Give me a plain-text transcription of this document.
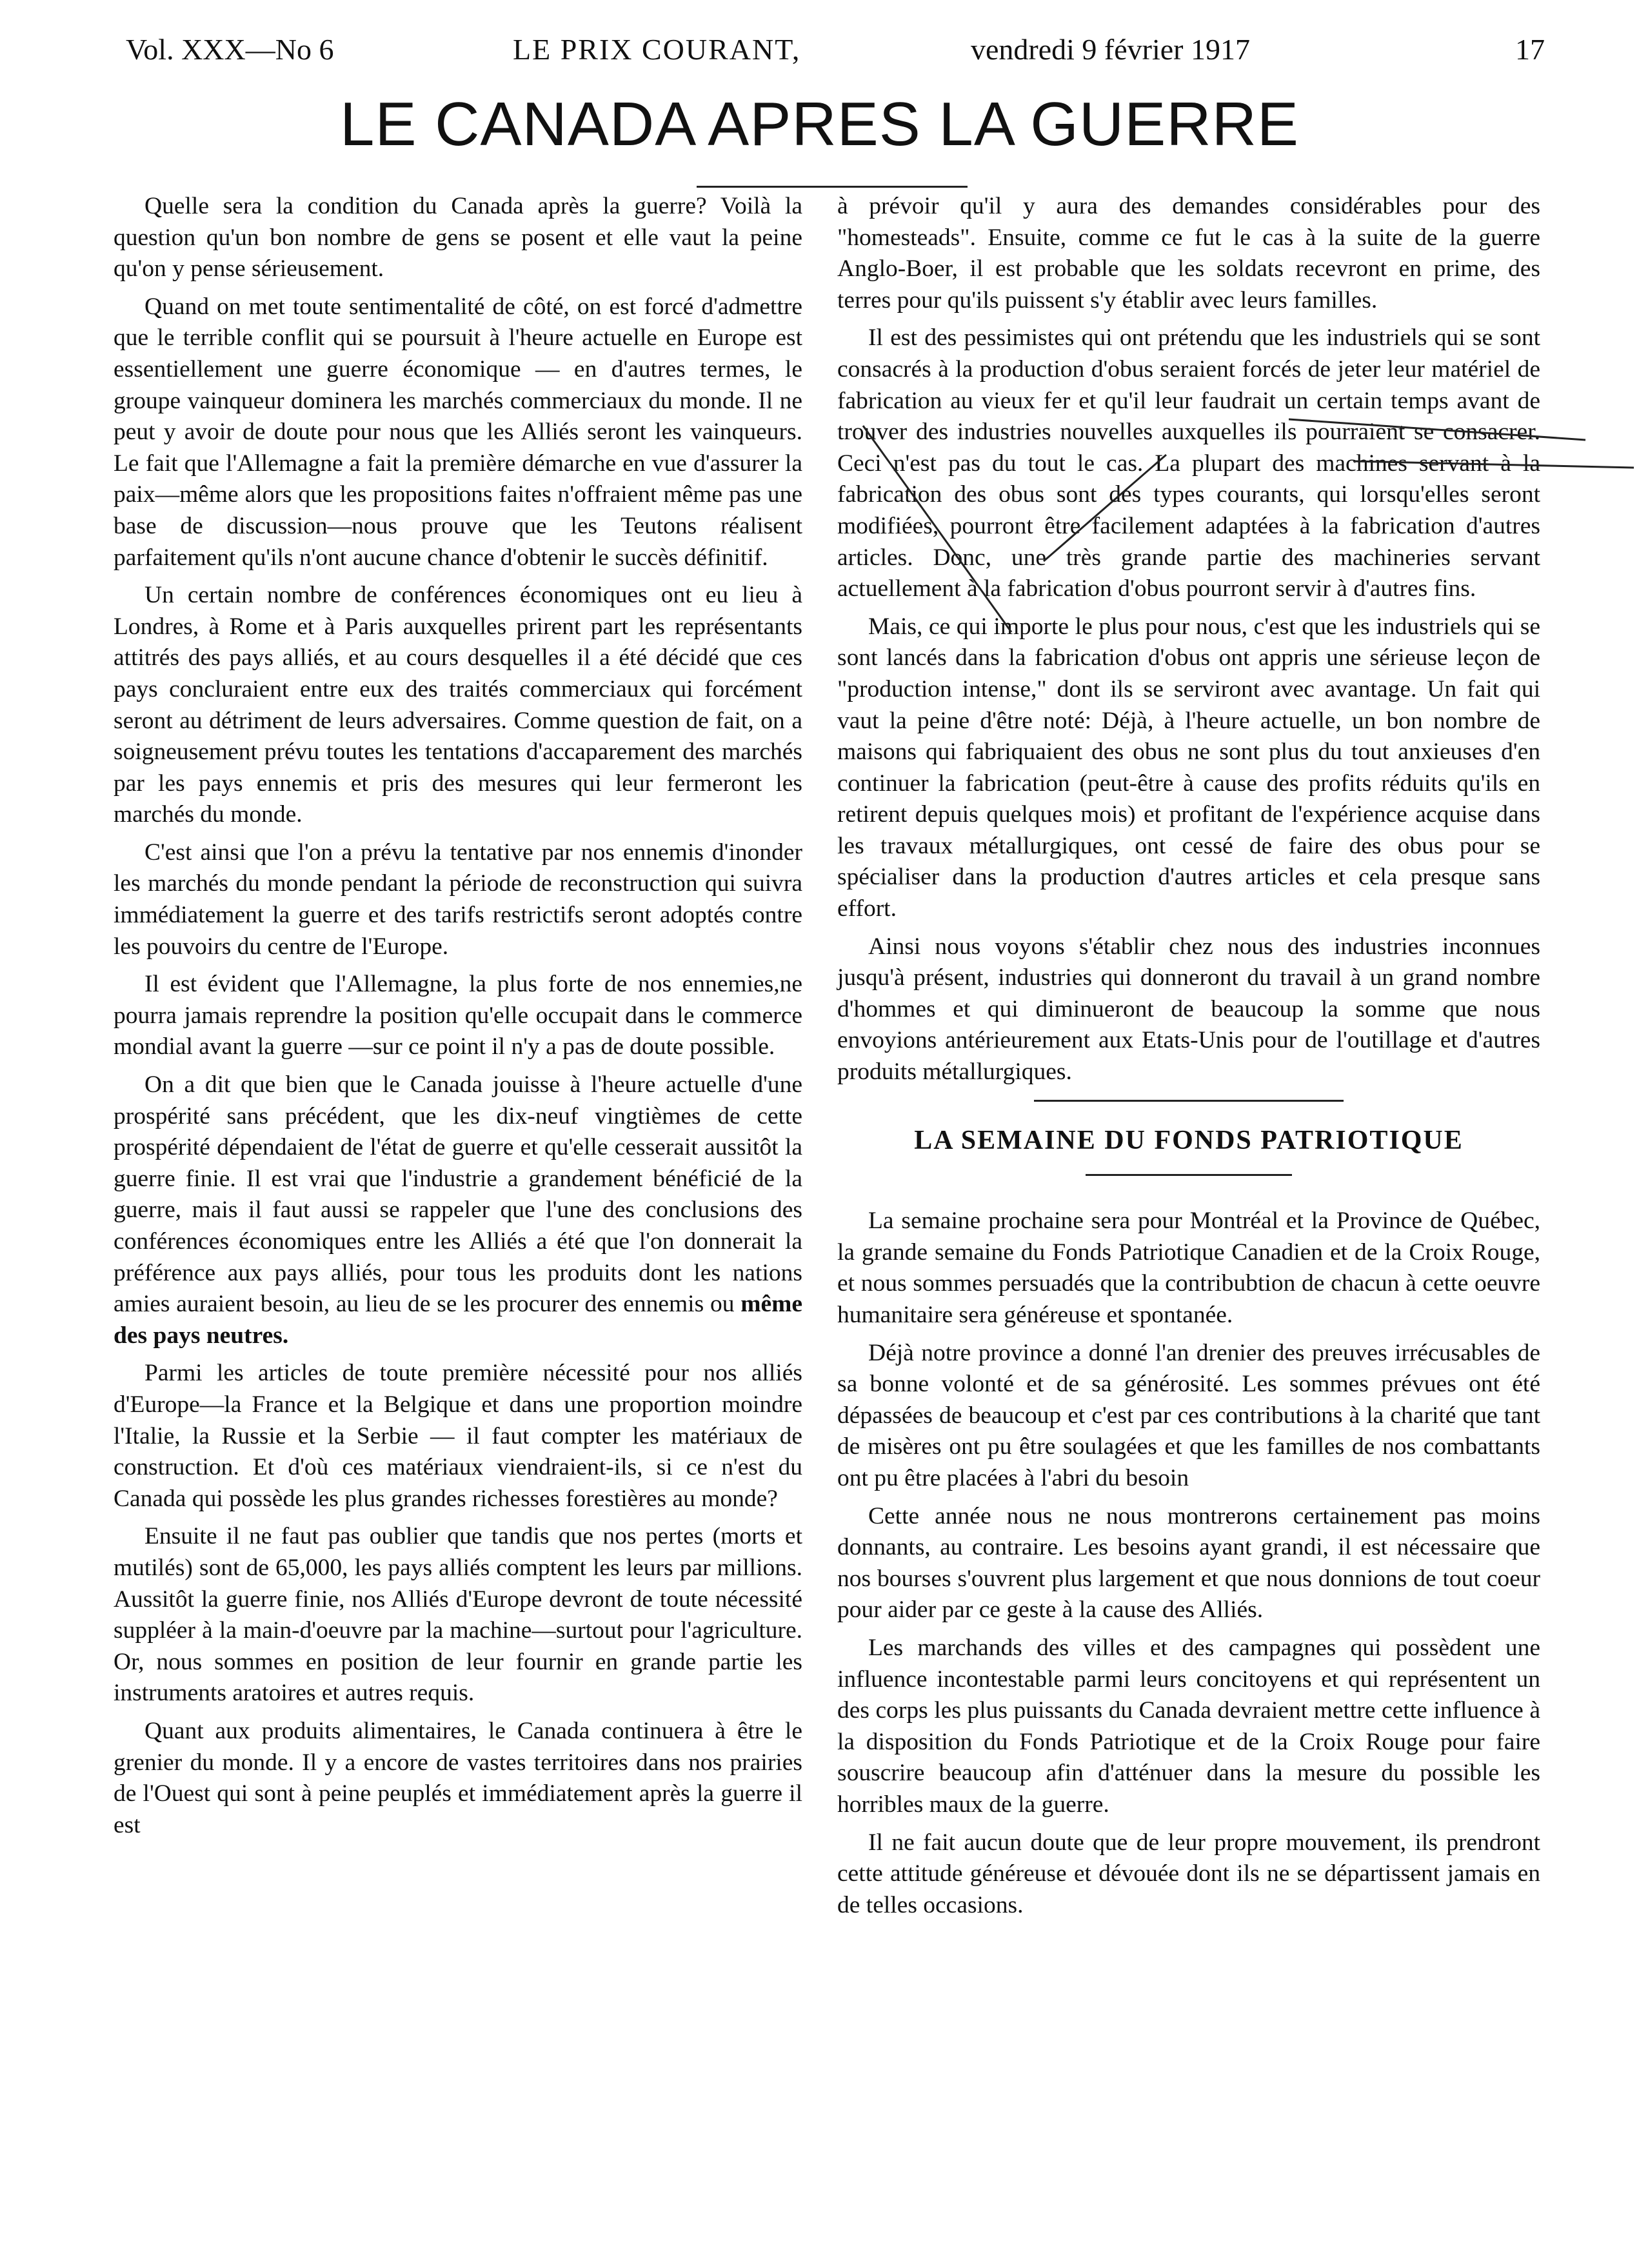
Vol. XXX—No 6	LE PRIX COURANT,	vendredi 9 février 1917	17
LE CANADA APRES LA GUERRE

Quelle sera la condition du Canada après la guerre? Voilà la question qu'un bon nombre de gens se posent et elle vaut la peine qu'on y pense sérieusement.

Quand on met toute sentimentalité de côté, on est forcé d'admettre que le terrible conflit qui se poursuit à l'heure actuelle en Europe est essentiellement une guerre économique — en d'autres termes, le groupe vainqueur dominera les marchés commerciaux du monde. Il ne peut y avoir de doute pour nous que les Alliés seront les vainqueurs. Le fait que l'Allemagne a fait la première démarche en vue d'assurer la paix—même alors que les propositions faites n'offraient même pas une base de discussion—nous prouve que les Teutons réalisent parfaitement qu'ils n'ont aucune chance d'obtenir le succès définitif.

Un certain nombre de conférences économiques ont eu lieu à Londres, à Rome et à Paris auxquelles prirent part les représentants attitrés des pays alliés, et au cours desquelles il a été décidé que ces pays concluraient entre eux des traités commerciaux qui forcément seront au détriment de leurs adversaires. Comme question de fait, on a soigneusement prévu toutes les tentations d'accaparement des marchés par les pays ennemis et pris des mesures qui leur fermeront les marchés du monde.

C'est ainsi que l'on a prévu la tentative par nos ennemis d'inonder les marchés du monde pendant la période de reconstruction qui suivra immédiatement la guerre et des tarifs restrictifs seront adoptés contre les pouvoirs du centre de l'Europe.

Il est évident que l'Allemagne, la plus forte de nos ennemies,ne pourra jamais reprendre la position qu'elle occupait dans le commerce mondial avant la guerre —sur ce point il n'y a pas de doute possible.

On a dit que bien que le Canada jouisse à l'heure actuelle d'une prospérité sans précédent, que les dix-neuf vingtièmes de cette prospérité dépendaient de l'état de guerre et qu'elle cesserait aussitôt la guerre finie. Il est vrai que l'industrie a grandement bénéficié de la guerre, mais il faut aussi se rappeler que l'une des conclusions des conférences économiques entre les Alliés a été que l'on donnerait la préférence aux pays alliés, pour tous les produits dont les nations amies auraient besoin, au lieu de se les procurer des ennemis ou même des pays neutres.

Parmi les articles de toute première nécessité pour nos alliés d'Europe—la France et la Belgique et dans une proportion moindre l'Italie, la Russie et la Serbie — il faut compter les matériaux de construction. Et d'où ces matériaux viendraient-ils, si ce n'est du Canada qui possède les plus grandes richesses forestières au monde?

Ensuite il ne faut pas oublier que tandis que nos pertes (morts et mutilés) sont de 65,000, les pays alliés comptent les leurs par millions. Aussitôt la guerre finie, nos Alliés d'Europe devront de toute nécessité suppléer à la main-d'oeuvre par la machine—surtout pour l'agriculture. Or, nous sommes en position de leur fournir en grande partie les instruments aratoires et autres requis.

Quant aux produits alimentaires, le Canada continuera à être le grenier du monde. Il y a encore de vastes territoires dans nos prairies de l'Ouest qui sont à peine peuplés et immédiatement après la guerre il est

à prévoir qu'il y aura des demandes considérables pour des "homesteads". Ensuite, comme ce fut le cas à la suite de la guerre Anglo-Boer, il est probable que les soldats recevront en prime, des terres pour qu'ils puissent s'y établir avec leurs familles.

Il est des pessimistes qui ont prétendu que les industriels qui se sont consacrés à la production d'obus seraient forcés de jeter leur matériel de fabrication au vieux fer et qu'il leur faudrait un certain temps avant de trouver des industries nouvelles auxquelles ils pourraient se consacrer. Ceci n'est pas du tout le cas. La plupart des machines servant à la fabrication des obus sont des types courants, qui lorsqu'elles seront modifiées, pourront être facilement adaptées à la fabrication d'autres articles. Donc, une très grande partie des machineries servant actuellement à la fabrication d'obus pourront servir à d'autres fins.

Mais, ce qui importe le plus pour nous, c'est que les industriels qui se sont lancés dans la fabrication d'obus ont appris une sérieuse leçon de "production intense," dont ils se serviront avec avantage. Un fait qui vaut la peine d'être noté: Déjà, à l'heure actuelle, un bon nombre de maisons qui fabriquaient des obus ne sont plus du tout anxieuses d'en continuer la fabrication (peut-être à cause des profits réduits qu'ils en retirent depuis quelques mois) et profitant de l'expérience acquise dans les travaux métallurgiques, ont cessé de faire des obus pour se spécialiser dans la production d'autres articles et cela presque sans effort.

Ainsi nous voyons s'établir chez nous des industries inconnues jusqu'à présent, industries qui donneront du travail à un grand nombre d'hommes et qui diminueront de beaucoup la somme que nous envoyions antérieurement aux Etats-Unis pour de l'outillage et d'autres produits métallurgiques.

LA SEMAINE DU FONDS PATRIOTIQUE

La semaine prochaine sera pour Montréal et la Province de Québec, la grande semaine du Fonds Patriotique Canadien et de la Croix Rouge, et nous sommes persuadés que la contribubtion de chacun à cette oeuvre humanitaire sera généreuse et spontanée.

Déjà notre province a donné l'an drenier des preuves irrécusables de sa bonne volonté et de sa générosité. Les sommes prévues ont été dépassées de beaucoup et c'est par ces contributions à la charité que tant de misères ont pu être soulagées et que les familles de nos combattants ont pu être placées à l'abri du besoin

Cette année nous ne nous montrerons certainement pas moins donnants, au contraire. Les besoins ayant grandi, il est nécessaire que nos bourses s'ouvrent plus largement et que nous donnions de tout coeur pour aider par ce geste à la cause des Alliés.

Les marchands des villes et des campagnes qui possèdent une influence incontestable parmi leurs concitoyens et qui représentent un des corps les plus puissants du Canada devraient mettre cette influence à la disposition du Fonds Patriotique et de la Croix Rouge pour faire souscrire beaucoup afin d'atténuer dans la mesure du possible les horribles maux de la guerre.

Il ne fait aucun doute que de leur propre mouvement, ils prendront cette attitude généreuse et dévouée dont ils ne se départissent jamais en de telles occasions.
